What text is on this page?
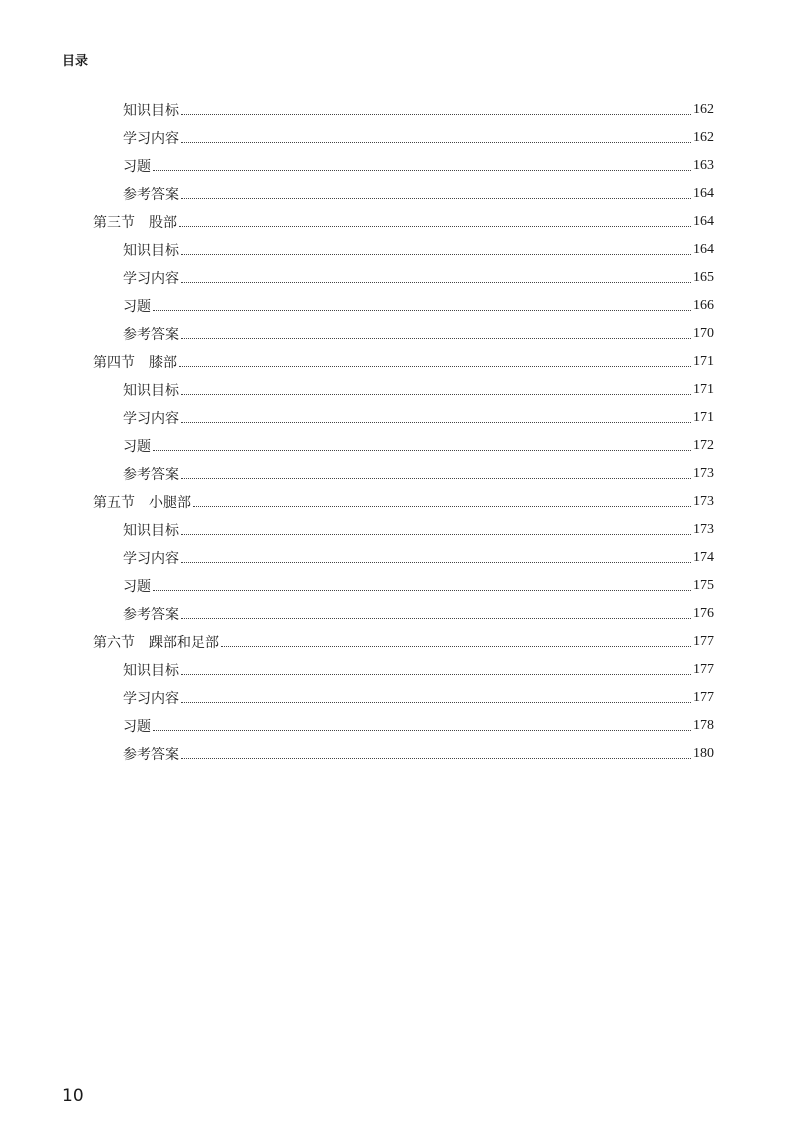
目录
知识目标	162
学习内容	162
习题	163
参考答案	164
第三节　股部	164
知识目标	164
学习内容	165
习题	166
参考答案	170
第四节　膝部	171
知识目标	171
学习内容	171
习题	172
参考答案	173
第五节　小腿部	173
知识目标	173
学习内容	174
习题	175
参考答案	176
第六节　踝部和足部	177
知识目标	177
学习内容	177
习题	178
参考答案	180
10
